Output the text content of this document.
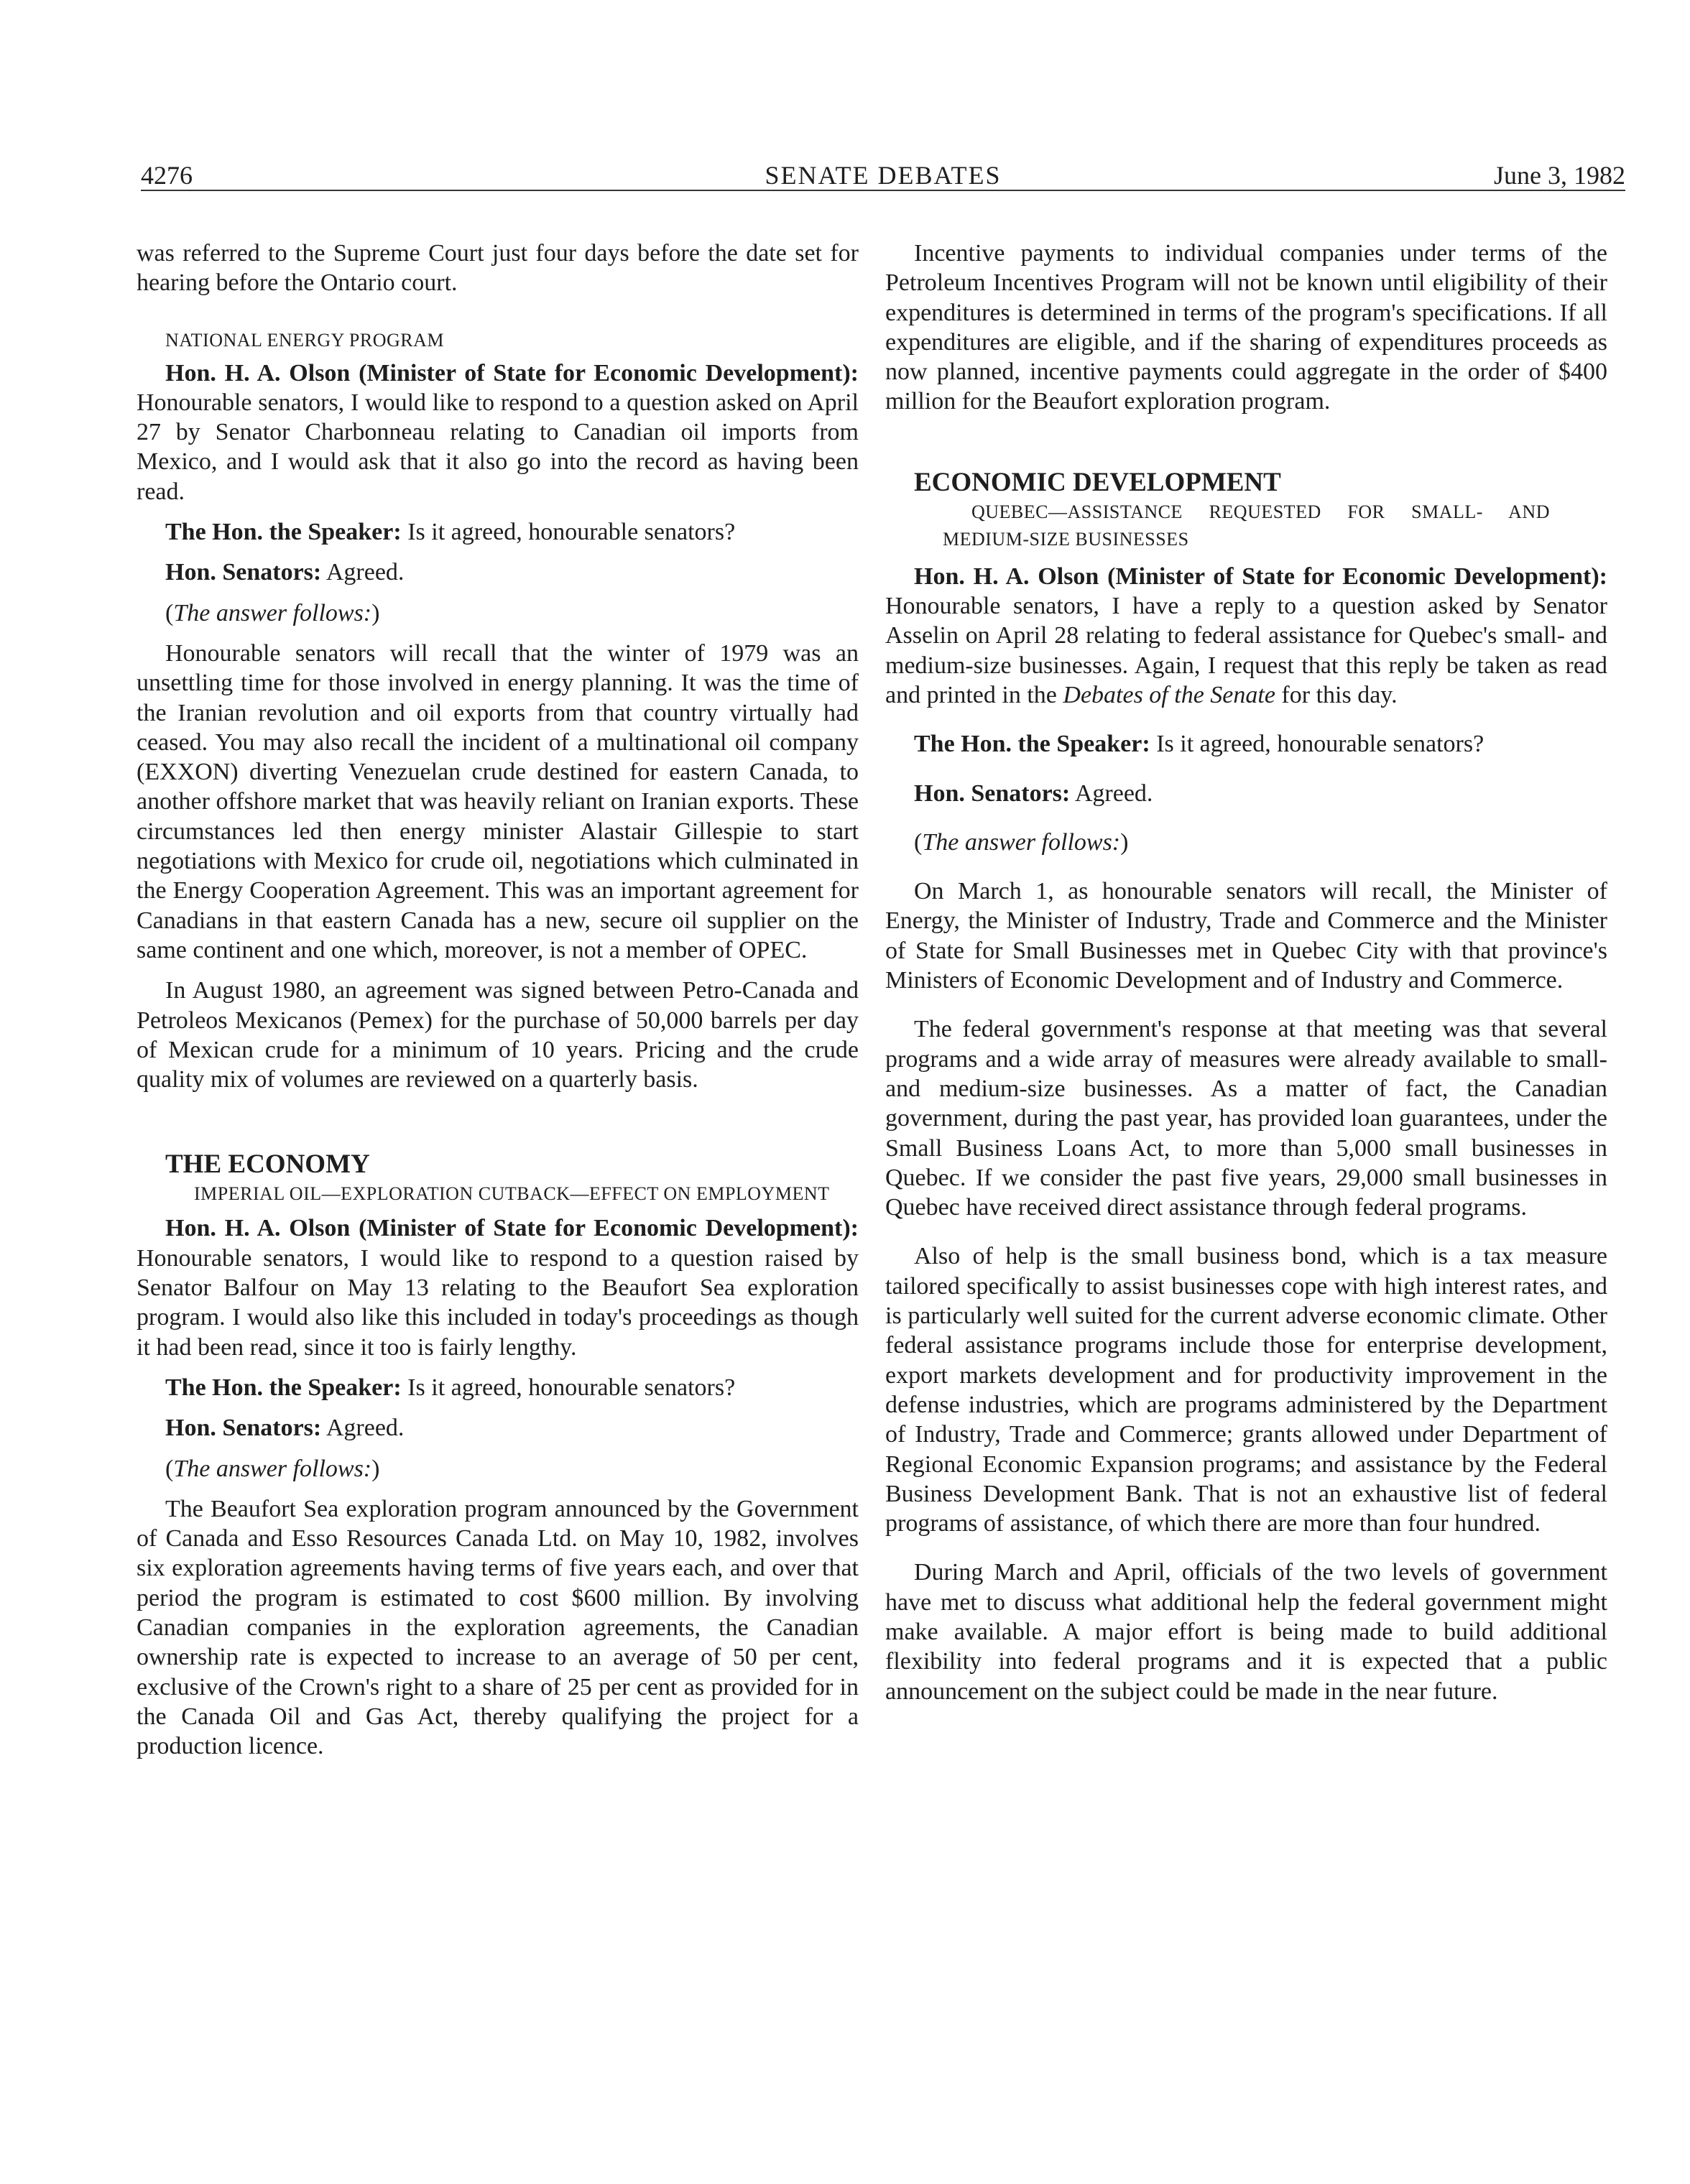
4276	SENATE DEBATES	June 3, 1982

was referred to the Supreme Court just four days before the date set for hearing before the Ontario court.

NATIONAL ENERGY PROGRAM

Hon. H. A. Olson (Minister of State for Economic Development): Honourable senators, I would like to respond to a question asked on April 27 by Senator Charbonneau relating to Canadian oil imports from Mexico, and I would ask that it also go into the record as having been read.

The Hon. the Speaker: Is it agreed, honourable senators?

Hon. Senators: Agreed.

(The answer follows:)

Honourable senators will recall that the winter of 1979 was an unsettling time for those involved in energy planning. It was the time of the Iranian revolution and oil exports from that country virtually had ceased. You may also recall the incident of a multinational oil company (EXXON) diverting Venezuelan crude destined for eastern Canada, to another offshore market that was heavily reliant on Iranian exports. These circumstances led then energy minister Alastair Gillespie to start negotiations with Mexico for crude oil, negotiations which culminated in the Energy Cooperation Agreement. This was an important agreement for Canadians in that eastern Canada has a new, secure oil supplier on the same continent and one which, moreover, is not a member of OPEC.

In August 1980, an agreement was signed between Petro-Canada and Petroleos Mexicanos (Pemex) for the purchase of 50,000 barrels per day of Mexican crude for a minimum of 10 years. Pricing and the crude quality mix of volumes are reviewed on a quarterly basis.

THE ECONOMY

IMPERIAL OIL—EXPLORATION CUTBACK—EFFECT ON EMPLOYMENT

Hon. H. A. Olson (Minister of State for Economic Development): Honourable senators, I would like to respond to a question raised by Senator Balfour on May 13 relating to the Beaufort Sea exploration program. I would also like this included in today's proceedings as though it had been read, since it too is fairly lengthy.

The Hon. the Speaker: Is it agreed, honourable senators?

Hon. Senators: Agreed.

(The answer follows:)

The Beaufort Sea exploration program announced by the Government of Canada and Esso Resources Canada Ltd. on May 10, 1982, involves six exploration agreements having terms of five years each, and over that period the program is estimated to cost $600 million. By involving Canadian companies in the exploration agreements, the Canadian ownership rate is expected to increase to an average of 50 per cent, exclusive of the Crown's right to a share of 25 per cent as provided for in the Canada Oil and Gas Act, thereby qualifying the project for a production licence.

Incentive payments to individual companies under terms of the Petroleum Incentives Program will not be known until eligibility of their expenditures is determined in terms of the program's specifications. If all expenditures are eligible, and if the sharing of expenditures proceeds as now planned, incentive payments could aggregate in the order of $400 million for the Beaufort exploration program.

ECONOMIC DEVELOPMENT

QUEBEC—ASSISTANCE REQUESTED FOR SMALL- AND MEDIUM-SIZE BUSINESSES

Hon. H. A. Olson (Minister of State for Economic Development): Honourable senators, I have a reply to a question asked by Senator Asselin on April 28 relating to federal assistance for Quebec's small- and medium-size businesses. Again, I request that this reply be taken as read and printed in the Debates of the Senate for this day.

The Hon. the Speaker: Is it agreed, honourable senators?

Hon. Senators: Agreed.

(The answer follows:)

On March 1, as honourable senators will recall, the Minister of Energy, the Minister of Industry, Trade and Commerce and the Minister of State for Small Businesses met in Quebec City with that province's Ministers of Economic Development and of Industry and Commerce.

The federal government's response at that meeting was that several programs and a wide array of measures were already available to small- and medium-size businesses. As a matter of fact, the Canadian government, during the past year, has provided loan guarantees, under the Small Business Loans Act, to more than 5,000 small businesses in Quebec. If we consider the past five years, 29,000 small businesses in Quebec have received direct assistance through federal programs.

Also of help is the small business bond, which is a tax measure tailored specifically to assist businesses cope with high interest rates, and is particularly well suited for the current adverse economic climate. Other federal assistance programs include those for enterprise development, export markets development and for productivity improvement in the defense industries, which are programs administered by the Department of Industry, Trade and Commerce; grants allowed under Department of Regional Economic Expansion programs; and assistance by the Federal Business Development Bank. That is not an exhaustive list of federal programs of assistance, of which there are more than four hundred.

During March and April, officials of the two levels of government have met to discuss what additional help the federal government might make available. A major effort is being made to build additional flexibility into federal programs and it is expected that a public announcement on the subject could be made in the near future.
